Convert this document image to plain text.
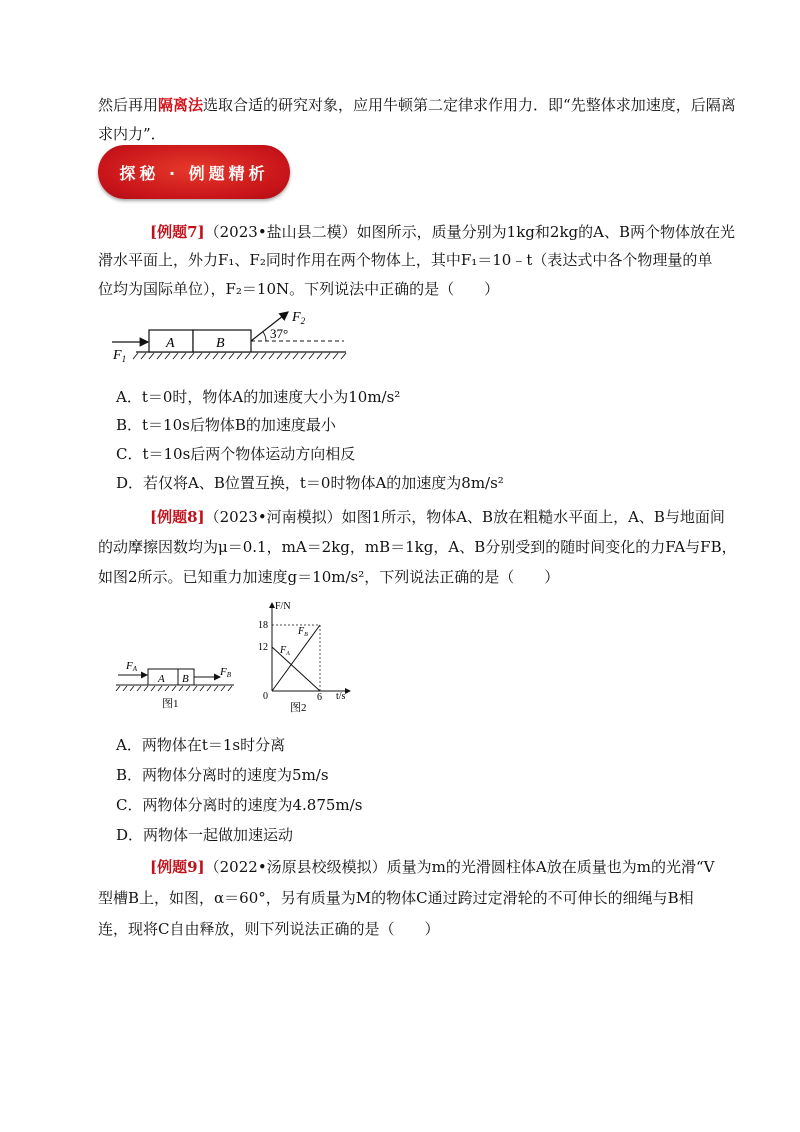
然后再用隔离法选取合适的研究对象，应用牛顿第二定律求作用力．即“先整体求加速度，后隔离
求内力”．
探秘 · 例题精析
[例题7]（2023•盐山县二模）如图所示，质量分别为1kg和2kg的A、B两个物体放在光
滑水平面上，外力F₁、F₂同时作用在两个物体上，其中F₁＝10﹣t（表达式中各个物理量的单
位均为国际单位），F₂＝10N。下列说法中正确的是（　　）
A	B
$F_1$
37°
$F_2$
A．t＝0时，物体A的加速度大小为10m/s²
B．t＝10s后物体B的加速度最小
C．t＝10s后两个物体运动方向相反
D．若仅将A、B位置互换，t＝0时物体A的加速度为8m/s²
[例题8]（2023•河南模拟）如图1所示，物体A、B放在粗糙水平面上，A、B与地面间
的动摩擦因数均为μ＝0.1，mA＝2kg，mB＝1kg，A、B分别受到的随时间变化的力FA与FB，
如图2所示。已知重力加速度g＝10m/s²，下列说法正确的是（　　）
A B
FA	FB
图1
F/N
t/s
18
12
0	6
$F_A$
$F_B$
图2
A．两物体在t＝1s时分离
B．两物体分离时的速度为5m/s
C．两物体分离时的速度为4.875m/s
D．两物体一起做加速运动
[例题9]（2022•汤原县校级模拟）质量为m的光滑圆柱体A放在质量也为m的光滑“V
型槽B上，如图，α＝60°，另有质量为M的物体C通过跨过定滑轮的不可伸长的细绳与B相
连，现将C自由释放，则下列说法正确的是（　　）
